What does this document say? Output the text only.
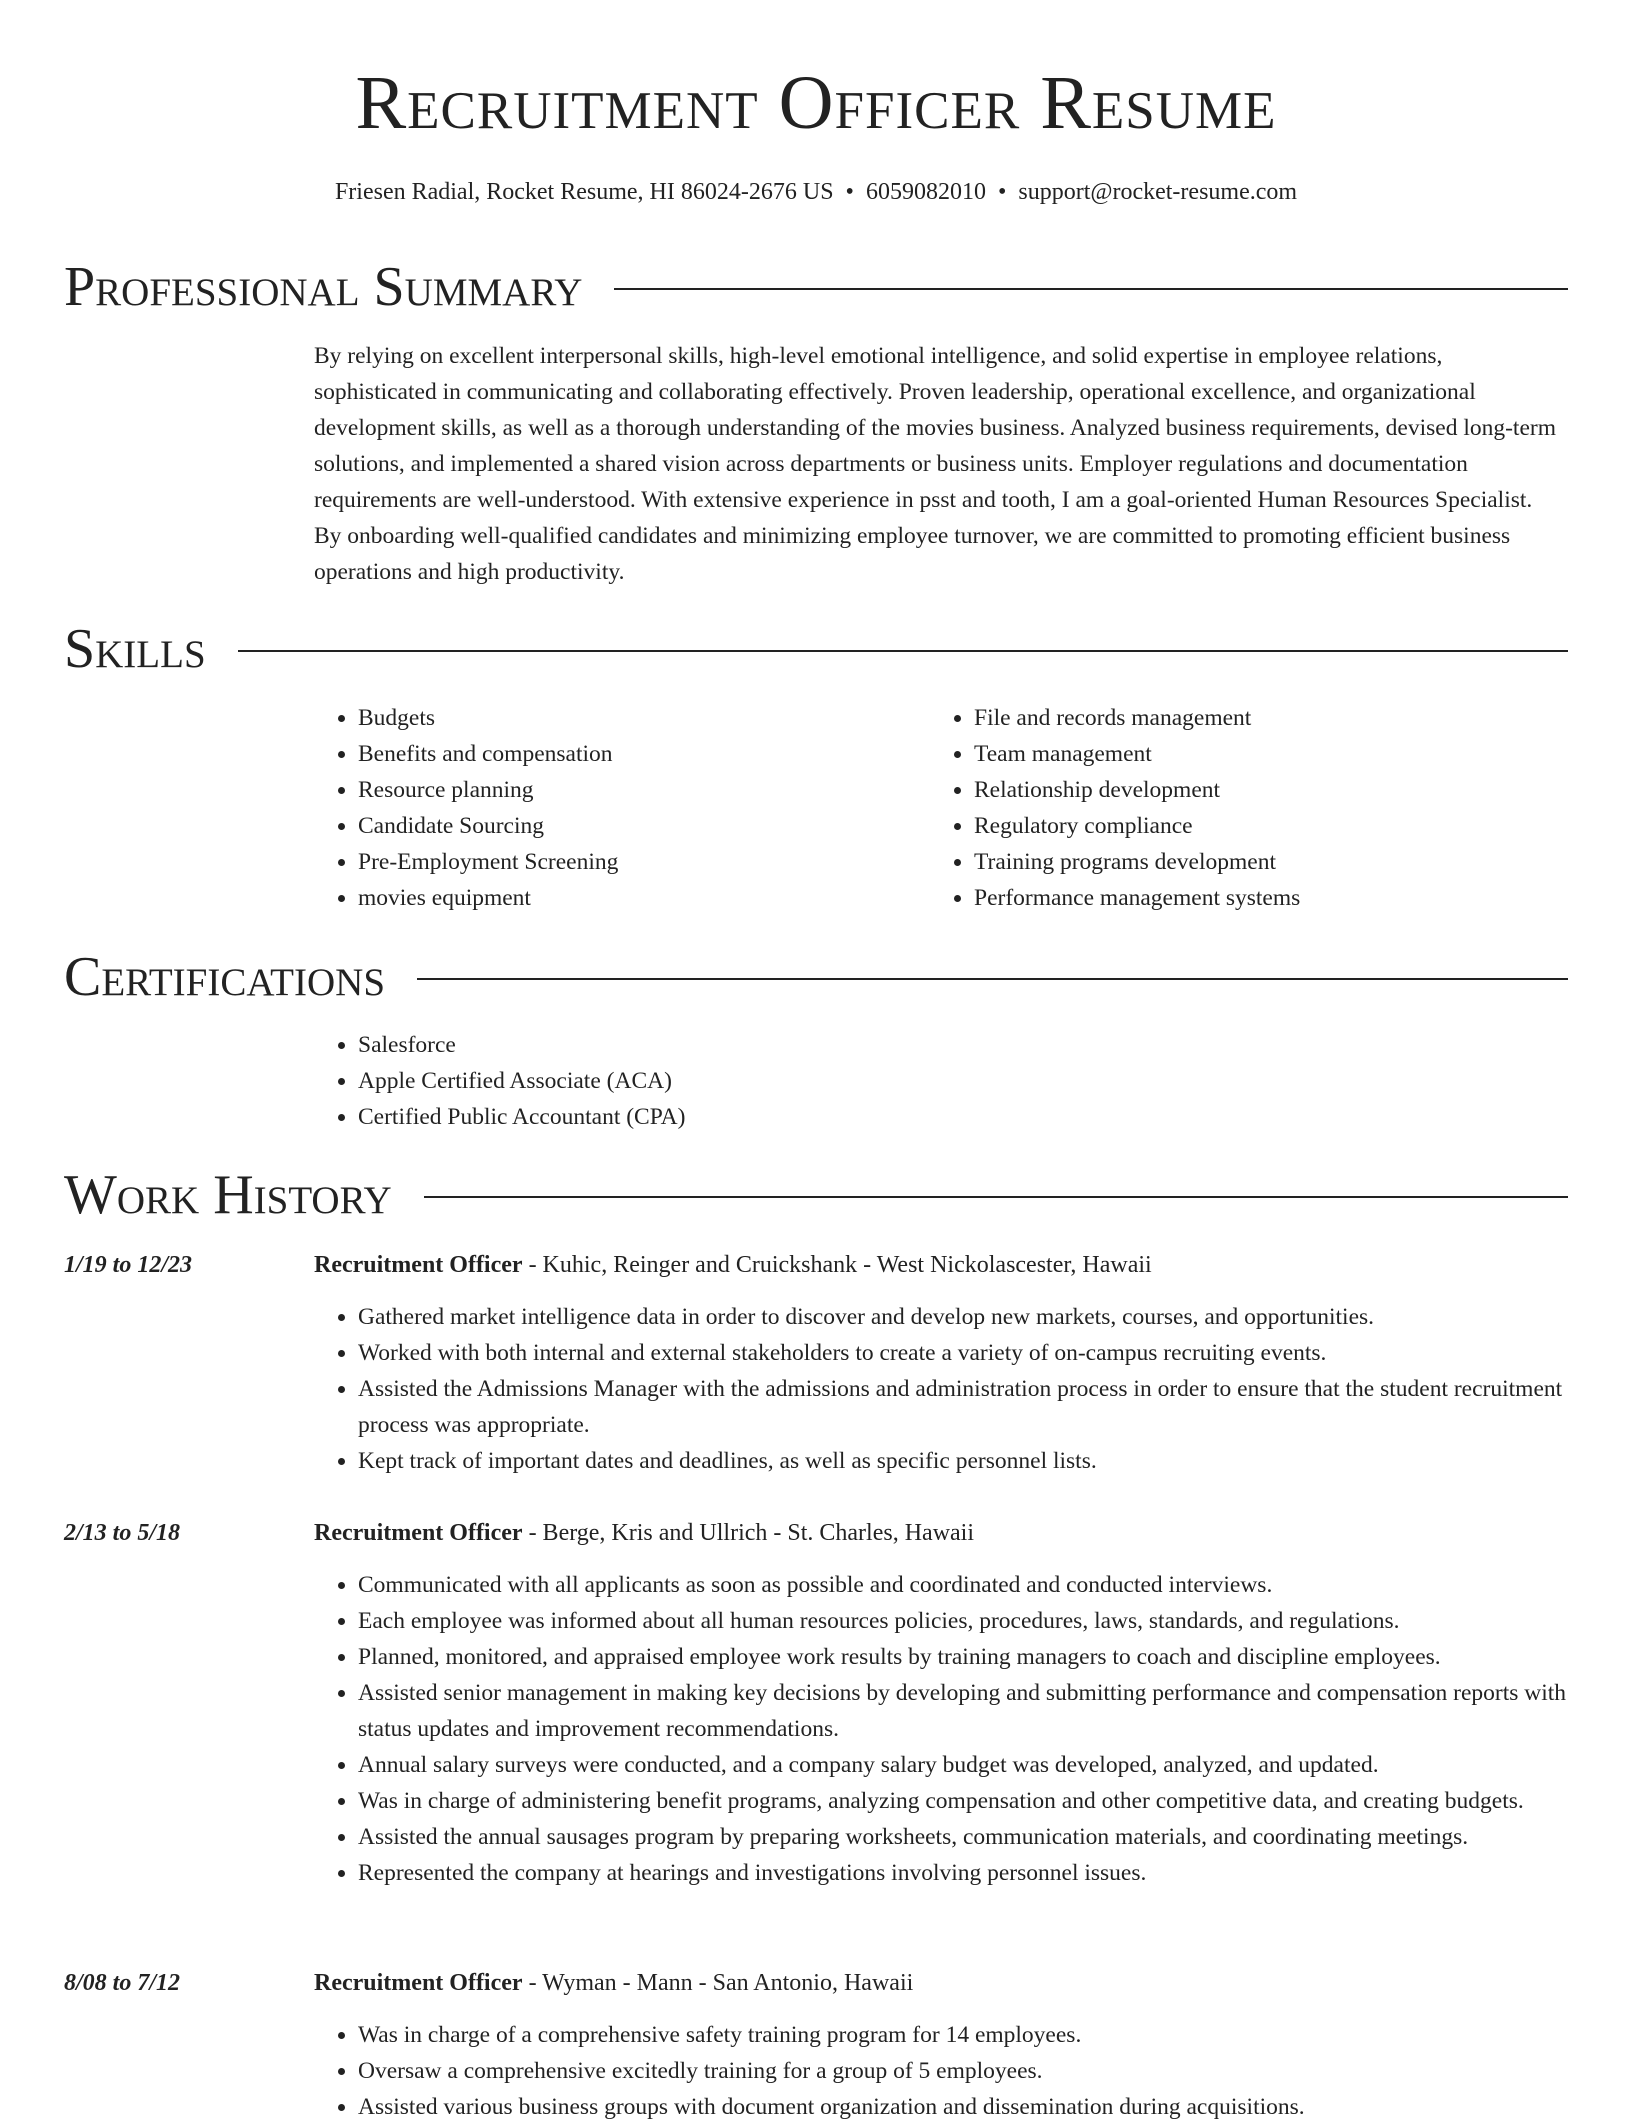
Recruitment Officer Resume
Friesen Radial, Rocket Resume, HI 86024-2676 US • 6059082010 • support@rocket-resume.com
Professional Summary

By relying on excellent interpersonal skills, high-level emotional intelligence, and solid expertise in employee relations, sophisticated in communicating and collaborating effectively. Proven leadership, operational excellence, and organizational development skills, as well as a thorough understanding of the movies business. Analyzed business requirements, devised long-term solutions, and implemented a shared vision across departments or business units. Employer regulations and documentation requirements are well-understood. With extensive experience in psst and tooth, I am a goal-oriented Human Resources Specialist. By onboarding well-qualified candidates and minimizing employee turnover, we are committed to promoting efficient business operations and high productivity.

Skills
• Budgets
• Benefits and compensation
• Resource planning
• Candidate Sourcing
• Pre-Employment Screening
• movies equipment
• File and records management
• Team management
• Relationship development
• Regulatory compliance
• Training programs development
• Performance management systems
Certifications
• Salesforce
• Apple Certified Associate (ACA)
• Certified Public Accountant (CPA)
Work History
1/19 to 12/23	Recruitment Officer - Kuhic, Reinger and Cruickshank - West Nickolascester, Hawaii
• Gathered market intelligence data in order to discover and develop new markets, courses, and opportunities.
• Worked with both internal and external stakeholders to create a variety of on-campus recruiting events.
• Assisted the Admissions Manager with the admissions and administration process in order to ensure that the student recruitment process was appropriate.
• Kept track of important dates and deadlines, as well as specific personnel lists.
2/13 to 5/18	Recruitment Officer - Berge, Kris and Ullrich - St. Charles, Hawaii
• Communicated with all applicants as soon as possible and coordinated and conducted interviews.
• Each employee was informed about all human resources policies, procedures, laws, standards, and regulations.
• Planned, monitored, and appraised employee work results by training managers to coach and discipline employees.
• Assisted senior management in making key decisions by developing and submitting performance and compensation reports with status updates and improvement recommendations.
• Annual salary surveys were conducted, and a company salary budget was developed, analyzed, and updated.
• Was in charge of administering benefit programs, analyzing compensation and other competitive data, and creating budgets.
• Assisted the annual sausages program by preparing worksheets, communication materials, and coordinating meetings.
• Represented the company at hearings and investigations involving personnel issues.
8/08 to 7/12	Recruitment Officer - Wyman - Mann - San Antonio, Hawaii
• Was in charge of a comprehensive safety training program for 14 employees.
• Oversaw a comprehensive excitedly training for a group of 5 employees.
• Assisted various business groups with document organization and dissemination during acquisitions.
